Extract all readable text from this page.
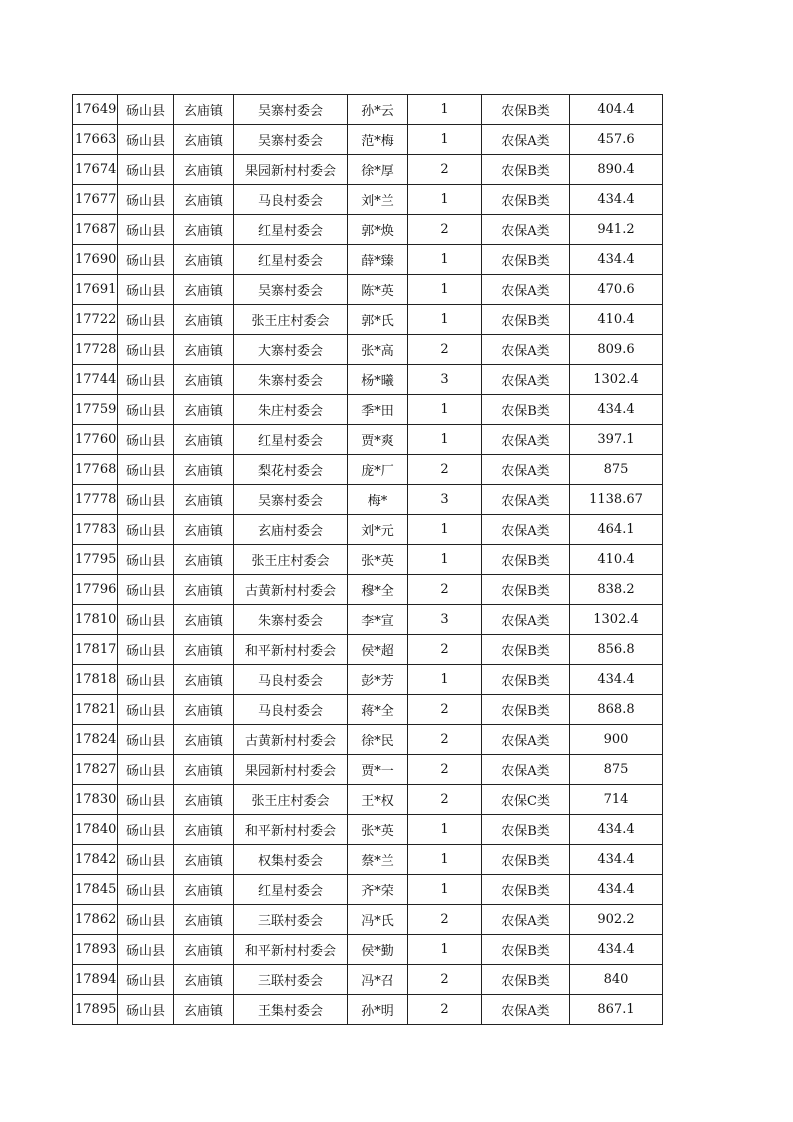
17649	砀山县	玄庙镇	吴寨村委会	孙*云	1	农保B类	404.4
17663	砀山县	玄庙镇	吴寨村委会	范*梅	1	农保A类	457.6
17674	砀山县	玄庙镇	果园新村村委会	徐*厚	2	农保B类	890.4
17677	砀山县	玄庙镇	马良村委会	刘*兰	1	农保B类	434.4
17687	砀山县	玄庙镇	红星村委会	郭*焕	2	农保A类	941.2
17690	砀山县	玄庙镇	红星村委会	薛*臻	1	农保B类	434.4
17691	砀山县	玄庙镇	吴寨村委会	陈*英	1	农保A类	470.6
17722	砀山县	玄庙镇	张王庄村委会	郭*氏	1	农保B类	410.4
17728	砀山县	玄庙镇	大寨村委会	张*高	2	农保A类	809.6
17744	砀山县	玄庙镇	朱寨村委会	杨*曦	3	农保A类	1302.4
17759	砀山县	玄庙镇	朱庄村委会	季*田	1	农保B类	434.4
17760	砀山县	玄庙镇	红星村委会	贾*爽	1	农保A类	397.1
17768	砀山县	玄庙镇	梨花村委会	庞*厂	2	农保A类	875
17778	砀山县	玄庙镇	吴寨村委会	梅*	3	农保A类	1138.67
17783	砀山县	玄庙镇	玄庙村委会	刘*元	1	农保A类	464.1
17795	砀山县	玄庙镇	张王庄村委会	张*英	1	农保B类	410.4
17796	砀山县	玄庙镇	古黄新村村委会	穆*全	2	农保B类	838.2
17810	砀山县	玄庙镇	朱寨村委会	李*宣	3	农保A类	1302.4
17817	砀山县	玄庙镇	和平新村村委会	侯*超	2	农保B类	856.8
17818	砀山县	玄庙镇	马良村委会	彭*芳	1	农保B类	434.4
17821	砀山县	玄庙镇	马良村委会	蒋*全	2	农保B类	868.8
17824	砀山县	玄庙镇	古黄新村村委会	徐*民	2	农保A类	900
17827	砀山县	玄庙镇	果园新村村委会	贾*一	2	农保A类	875
17830	砀山县	玄庙镇	张王庄村委会	王*权	2	农保C类	714
17840	砀山县	玄庙镇	和平新村村委会	张*英	1	农保B类	434.4
17842	砀山县	玄庙镇	权集村委会	蔡*兰	1	农保B类	434.4
17845	砀山县	玄庙镇	红星村委会	齐*荣	1	农保B类	434.4
17862	砀山县	玄庙镇	三联村委会	冯*氏	2	农保A类	902.2
17893	砀山县	玄庙镇	和平新村村委会	侯*勤	1	农保B类	434.4
17894	砀山县	玄庙镇	三联村委会	冯*召	2	农保B类	840
17895	砀山县	玄庙镇	王集村委会	孙*明	2	农保A类	867.1
